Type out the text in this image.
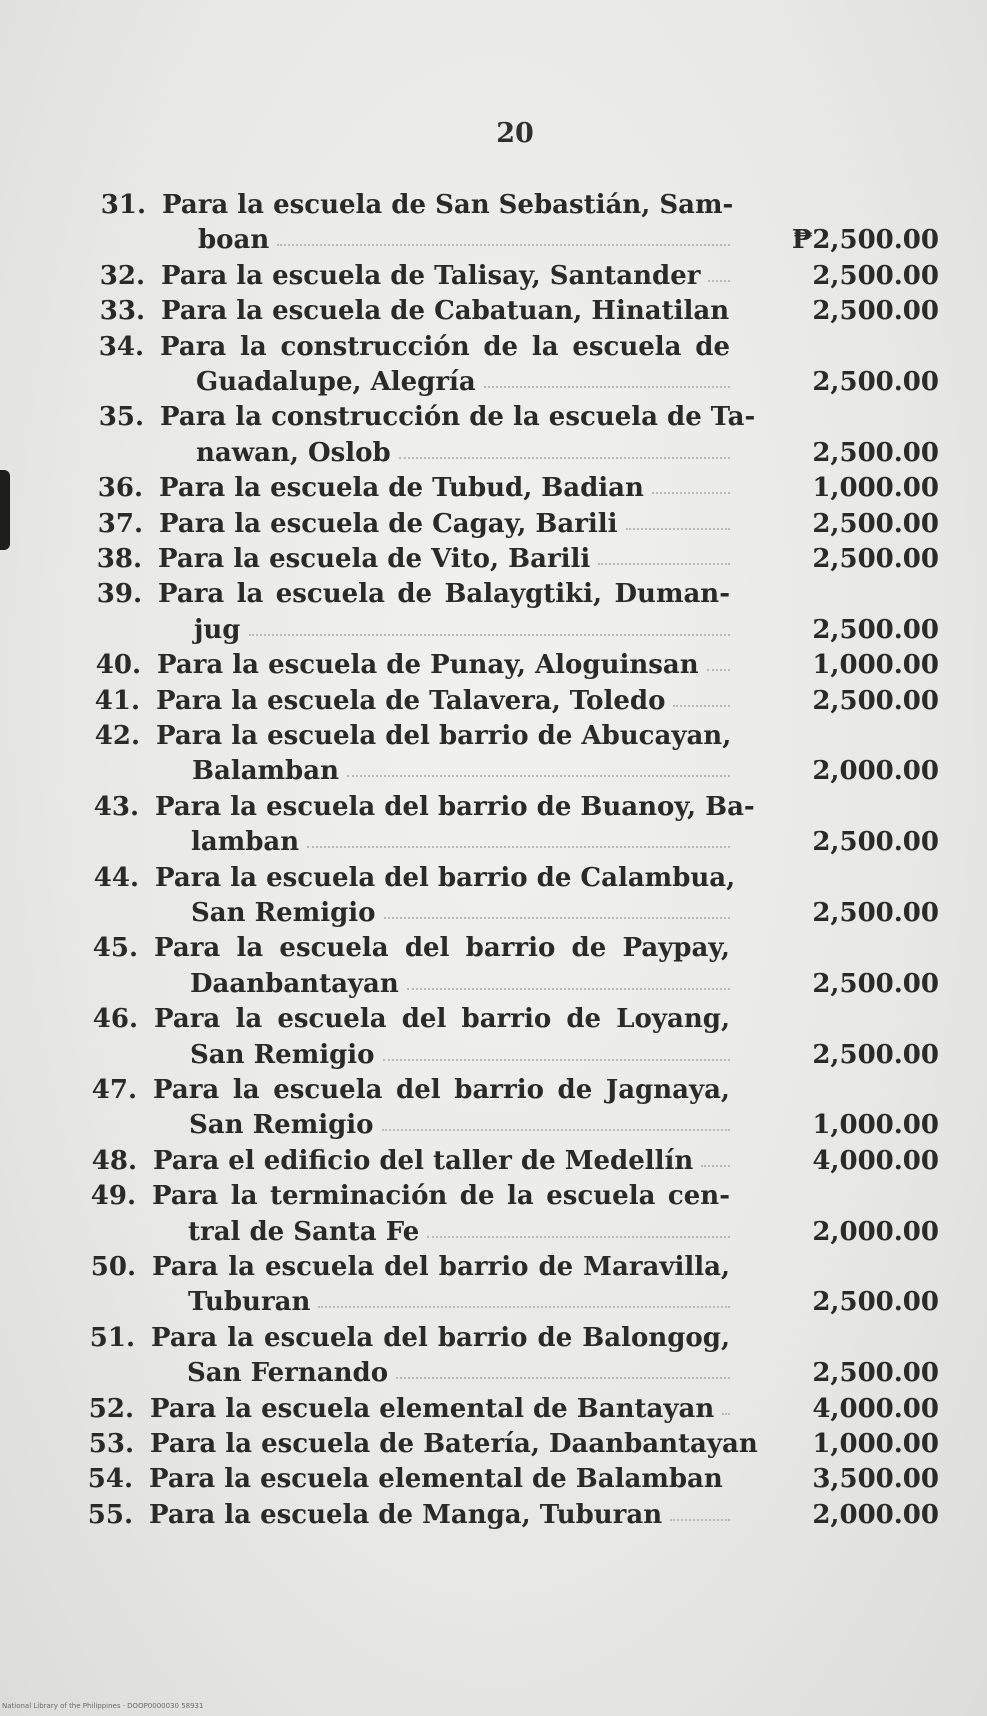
20
31. Para la escuela de San Sebastián, Sam-
boan	₱2,500.00
32. Para la escuela de Talisay, Santander	2,500.00
33. Para la escuela de Cabatuan, Hinatilan	2,500.00
34. Para la construcción de la escuela de
Guadalupe, Alegría	2,500.00
35. Para la construcción de la escuela de Ta-
nawan, Oslob	2,500.00
36. Para la escuela de Tubud, Badian	1,000.00
37. Para la escuela de Cagay, Barili	2,500.00
38. Para la escuela de Vito, Barili	2,500.00
39. Para la escuela de Balaygtiki, Duman-
jug	2,500.00
40. Para la escuela de Punay, Aloguinsan	1,000.00
41. Para la escuela de Talavera, Toledo	2,500.00
42. Para la escuela del barrio de Abucayan,
Balamban	2,000.00
43. Para la escuela del barrio de Buanoy, Ba-
lamban	2,500.00
44. Para la escuela del barrio de Calambua,
San Remigio	2,500.00
45. Para la escuela del barrio de Paypay,
Daanbantayan	2,500.00
46. Para la escuela del barrio de Loyang,
San Remigio	2,500.00
47. Para la escuela del barrio de Jagnaya,
San Remigio	1,000.00
48. Para el edificio del taller de Medellín	4,000.00
49. Para la terminación de la escuela cen-
tral de Santa Fe	2,000.00
50. Para la escuela del barrio de Maravilla,
Tuburan	2,500.00
51. Para la escuela del barrio de Balongog,
San Fernando	2,500.00
52. Para la escuela elemental de Bantayan	4,000.00
53. Para la escuela de Batería, Daanbantayan 1,000.00
54. Para la escuela elemental de Balamban	3,500.00
55. Para la escuela de Manga, Tuburan	2,000.00
National Library of the Philippines · DOOP0000030 58931
